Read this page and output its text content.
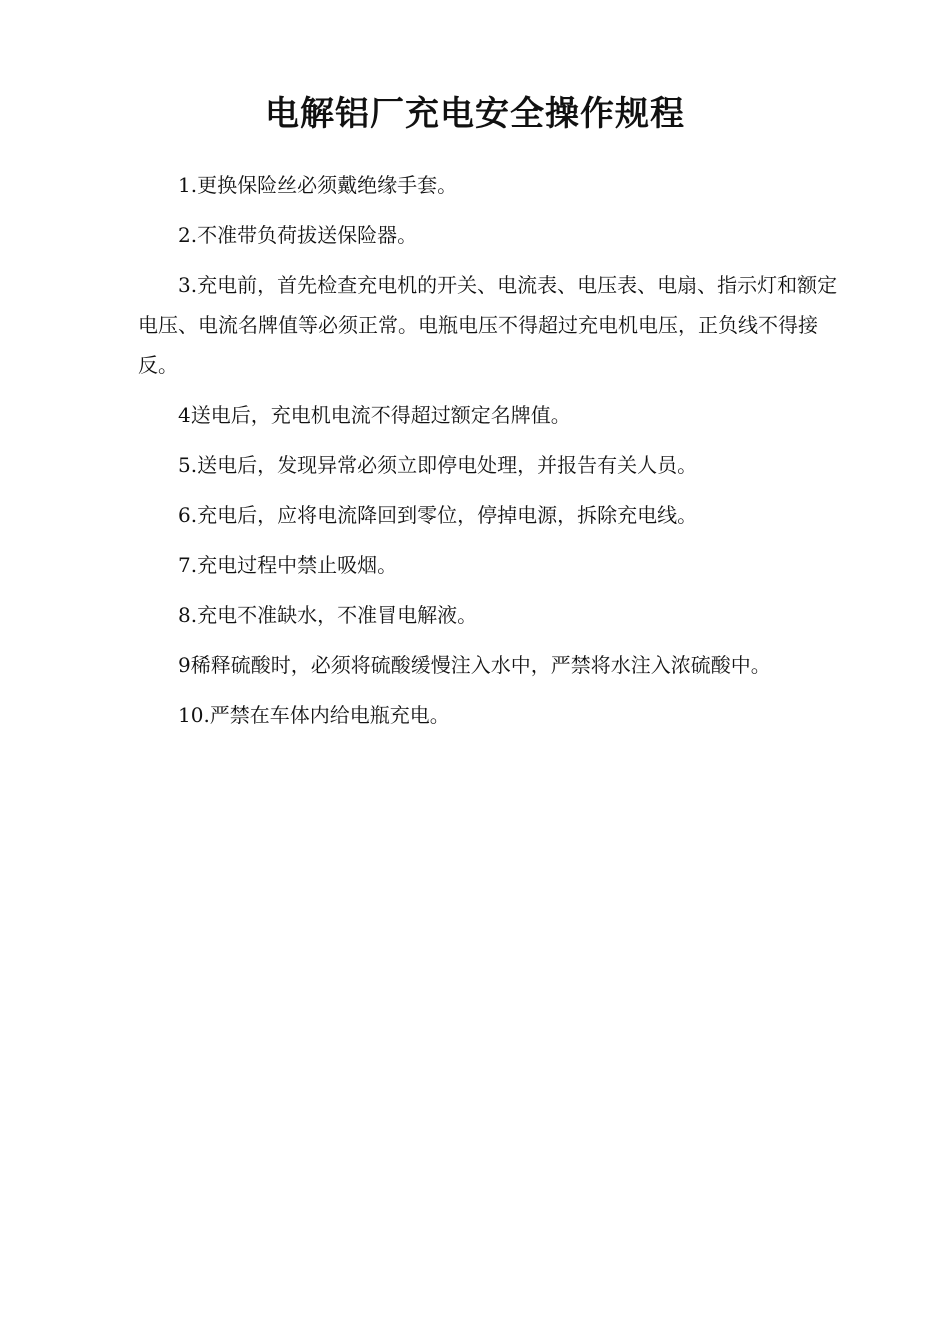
电解铝厂充电安全操作规程

1.更换保险丝必须戴绝缘手套。

2.不准带负荷拔送保险器。

3.充电前，首先检查充电机的开关、电流表、电压表、电扇、指示灯和额定 电压、电流名牌值等必须正常。电瓶电压不得超过充电机电压，正负线不得接反。

4送电后，充电机电流不得超过额定名牌值。

5.送电后，发现异常必须立即停电处理，并报告有关人员。

6.充电后，应将电流降回到零位，停掉电源，拆除充电线。

7.充电过程中禁止吸烟。

8.充电不准缺水，不准冒电解液。

9稀释硫酸时，必须将硫酸缓慢注入水中，严禁将水注入浓硫酸中。

10.严禁在车体内给电瓶充电。
